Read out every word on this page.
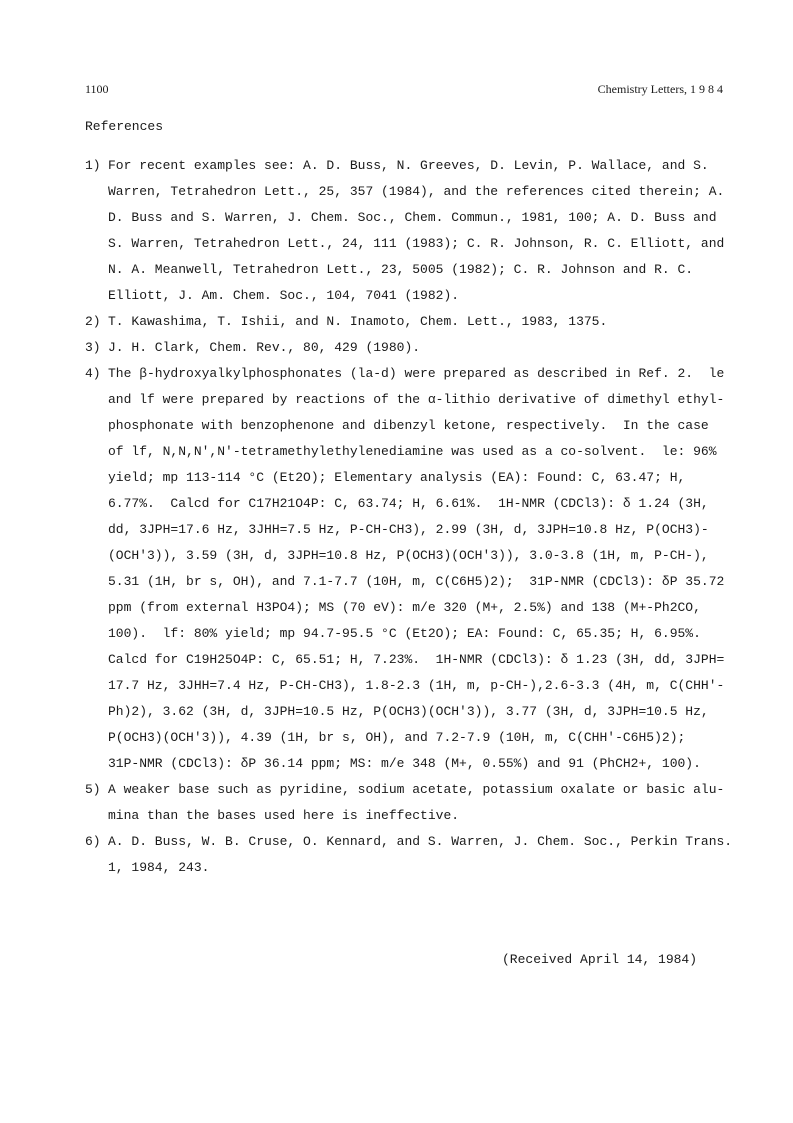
1100	Chemistry Letters, 1 9 8 4
References
1) For recent examples see: A. D. Buss, N. Greeves, D. Levin, P. Wallace, and S.
Warren, Tetrahedron Lett., 25, 357 (1984), and the references cited therein; A.
D. Buss and S. Warren, J. Chem. Soc., Chem. Commun., 1981, 100; A. D. Buss and
S. Warren, Tetrahedron Lett., 24, 111 (1983); C. R. Johnson, R. C. Elliott, and
N. A. Meanwell, Tetrahedron Lett., 23, 5005 (1982); C. R. Johnson and R. C.
Elliott, J. Am. Chem. Soc., 104, 7041 (1982).
2) T. Kawashima, T. Ishii, and N. Inamoto, Chem. Lett., 1983, 1375.
3) J. H. Clark, Chem. Rev., 80, 429 (1980).
4) The β-hydroxyalkylphosphonates (la-d) were prepared as described in Ref. 2.  le
and lf were prepared by reactions of the α-lithio derivative of dimethyl ethyl-
phosphonate with benzophenone and dibenzyl ketone, respectively.  In the case
of lf, N,N,N',N'-tetramethylethylenediamine was used as a co-solvent.  le: 96%
yield; mp 113-114 °C (Et2O); Elementary analysis (EA): Found: C, 63.47; H,
6.77%.  Calcd for C17H21O4P: C, 63.74; H, 6.61%.  1H-NMR (CDCl3): δ 1.24 (3H,
dd, 3JPH=17.6 Hz, 3JHH=7.5 Hz, P-CH-CH3), 2.99 (3H, d, 3JPH=10.8 Hz, P(OCH3)-
(OCH'3)), 3.59 (3H, d, 3JPH=10.8 Hz, P(OCH3)(OCH'3)), 3.0-3.8 (1H, m, P-CH-),
5.31 (1H, br s, OH), and 7.1-7.7 (10H, m, C(C6H5)2);  31P-NMR (CDCl3): δP 35.72
ppm (from external H3PO4); MS (70 eV): m/e 320 (M+, 2.5%) and 138 (M+-Ph2CO,
100).  lf: 80% yield; mp 94.7-95.5 °C (Et2O); EA: Found: C, 65.35; H, 6.95%.
Calcd for C19H25O4P: C, 65.51; H, 7.23%.  1H-NMR (CDCl3): δ 1.23 (3H, dd, 3JPH=
17.7 Hz, 3JHH=7.4 Hz, P-CH-CH3), 1.8-2.3 (1H, m, p-CH-),2.6-3.3 (4H, m, C(CHH'-
Ph)2), 3.62 (3H, d, 3JPH=10.5 Hz, P(OCH3)(OCH'3)), 3.77 (3H, d, 3JPH=10.5 Hz,
P(OCH3)(OCH'3)), 4.39 (1H, br s, OH), and 7.2-7.9 (10H, m, C(CHH'-C6H5)2);
31P-NMR (CDCl3): δP 36.14 ppm; MS: m/e 348 (M+, 0.55%) and 91 (PhCH2+, 100).
5) A weaker base such as pyridine, sodium acetate, potassium oxalate or basic alu-
mina than the bases used here is ineffective.
6) A. D. Buss, W. B. Cruse, O. Kennard, and S. Warren, J. Chem. Soc., Perkin Trans.
1, 1984, 243.
(Received April 14, 1984)
